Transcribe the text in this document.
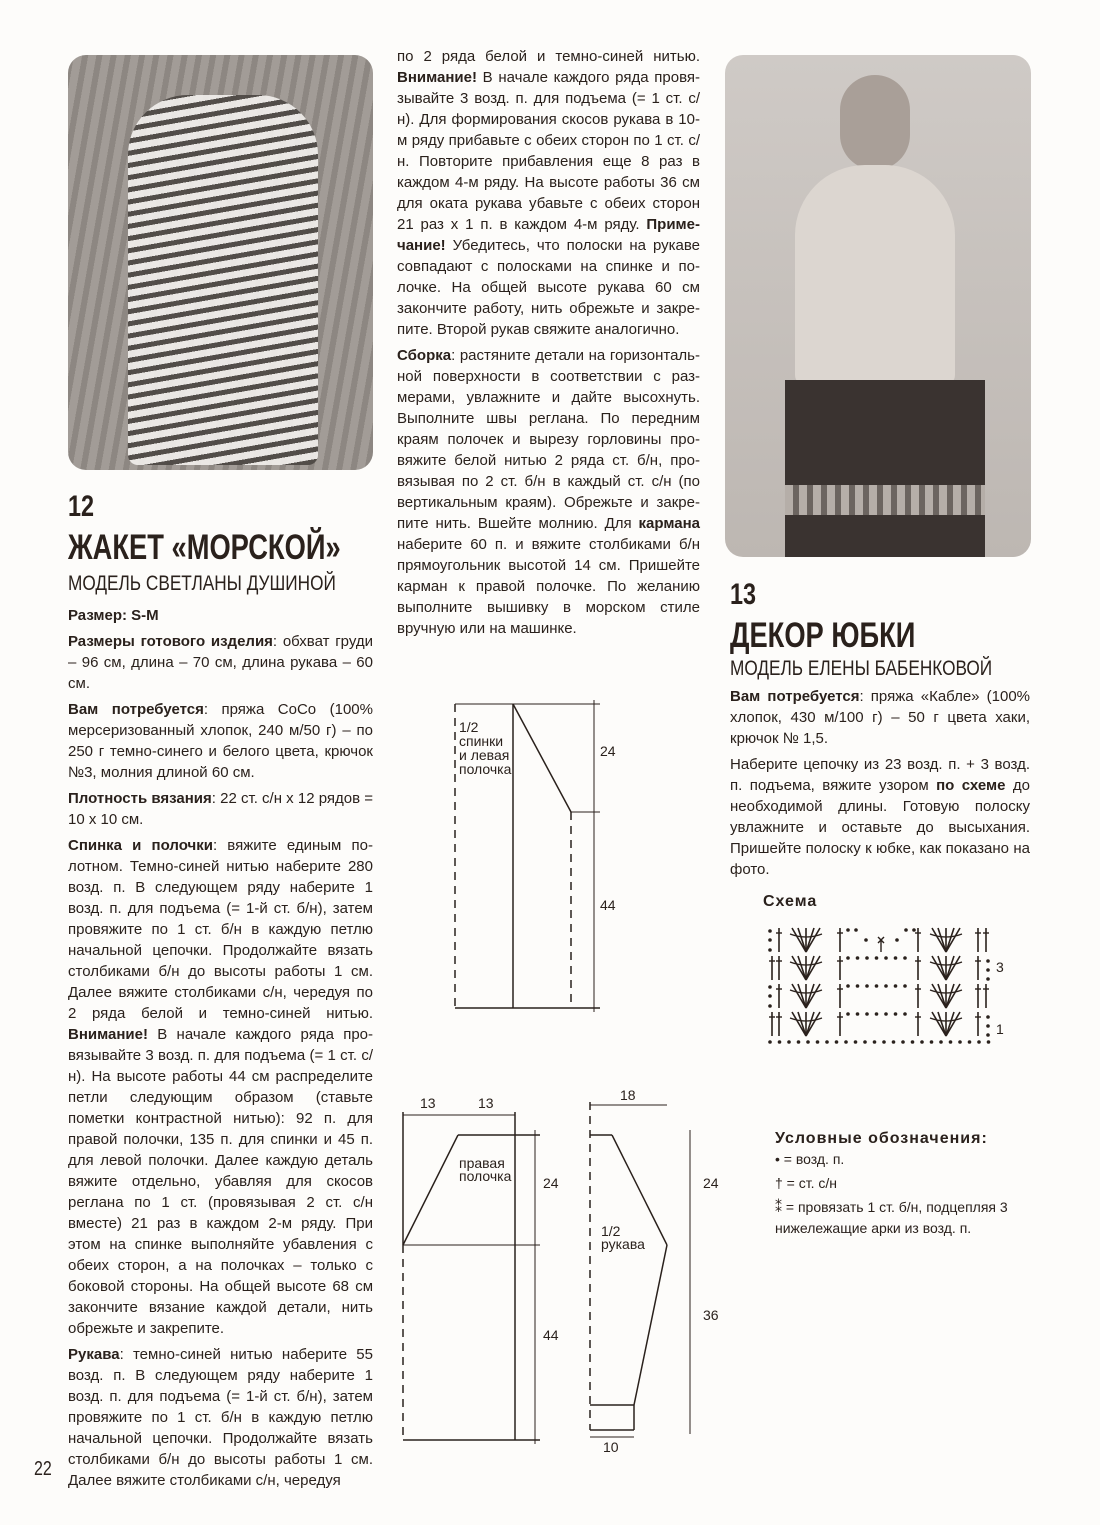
12
ЖАКЕТ «МОРСКОЙ»
МОДЕЛЬ СВЕТЛАНЫ ДУШИНОЙ

Размер: S-M

Размеры готового изделия: обхват груди – 96 см, длина – 70 см, длина рукава – 60 см.

Вам потребуется: пряжа CoCo (100% мерсеризованный хлопок, 240 м/50 г) – по 250 г темно-синего и белого цвета, крючок №3, молния длиной 60 см.

Плотность вязания: 22 ст. с/н х 12 рядов = 10 х 10 см.

Спинка и полочки: вяжите единым полотном. Темно-синей нитью наберите 280 возд. п. В следующем ряду наберите 1 возд. п. для подъема (= 1-й ст. б/н), затем провяжите по 1 ст. б/н в каждую петлю начальной цепочки. Продолжайте вязать столбиками б/н до высоты работы 1 см. Далее вяжите столбиками с/н, чередуя по 2 ряда белой и темно-синей нитью. Внимание! В начале каждого ряда провязывайте 3 возд. п. для подъема (= 1 ст. с/н). На высоте работы 44 см распределите петли следующим образом (ставьте пометки контрастной нитью): 92 п. для правой полочки, 135 п. для спинки и 45 п. для левой полочки. Далее каждую деталь вяжите отдельно, убавляя для скосов реглана по 1 ст. (провязывая 2 ст. с/н вместе) 21 раз в каждом 2-м ряду. При этом на спинке выполняйте убавления с обеих сторон, а на полочках – только с боковой стороны. На общей высоте 68 см закончите вязание каждой детали, нить обрежьте и закрепите.

Рукава: темно-синей нитью наберите 55 возд. п. В следующем ряду наберите 1 возд. п. для подъема (= 1-й ст. б/н), затем провяжите по 1 ст. б/н в каждую петлю начальной цепочки. Продолжайте вязать столбиками б/н до высоты работы 1 см. Далее вяжите столбиками с/н, чередуя

по 2 ряда белой и темно-синей нитью. Внимание! В начале каждого ряда провязывайте 3 возд. п. для подъема (= 1 ст. с/н). Для формирования скосов рукава в 10-м ряду прибавьте с обеих сторон по 1 ст. с/н. Повторите прибавления еще 8 раз в каждом 4-м ряду. На высоте работы 36 см для оката рукава убавьте с обеих сторон 21 раз х 1 п. в каждом 4-м ряду. Примечание! Убедитесь, что полоски на рукаве совпадают с полосками на спинке и полочке. На общей высоте рукава 60 см закончите работу, нить обрежьте и закрепите. Второй рукав свяжите аналогично.

Сборка: растяните детали на горизонтальной поверхности в соответствии с размерами, увлажните и дайте высохнуть. Выполните швы реглана. По передним краям полочек и вырезу горловины провяжите белой нитью 2 ряда ст. б/н, провязывая по 2 ст. б/н в каждый ст. с/н (по вертикальным краям). Обрежьте и закрепите нить. Вшейте молнию. Для кармана наберите 60 п. и вяжите столбиками б/н прямоугольник высотой 14 см. Пришейте карман к правой полочке. По желанию выполните вышивку в морском стиле вручную или на машинке.

13
ДЕКОР ЮБКИ
МОДЕЛЬ ЕЛЕНЫ БАБЕНКОВОЙ

Вам потребуется: пряжа «Кабле» (100% хлопок, 430 м/100 г) – 50 г цвета хаки, крючок № 1,5.

Наберите цепочку из 23 возд. п. + 3 возд. п. подъема, вяжите узором по схеме до необходимой длины. Готовую полоску увлажните и оставьте до высыхания. Пришейте полоску к юбке, как показано на фото.

1/2 спинки и левая полочка
24
44
13	13
24
44
правая полочка
18
24
36
10
1/2 рукава
3
1
Схема
Условные обозначения:
• = возд. п.
† = ст. с/н
⁑ = провязать 1 ст. б/н, подцепляя 3 нижележащие арки из возд. п.
22
